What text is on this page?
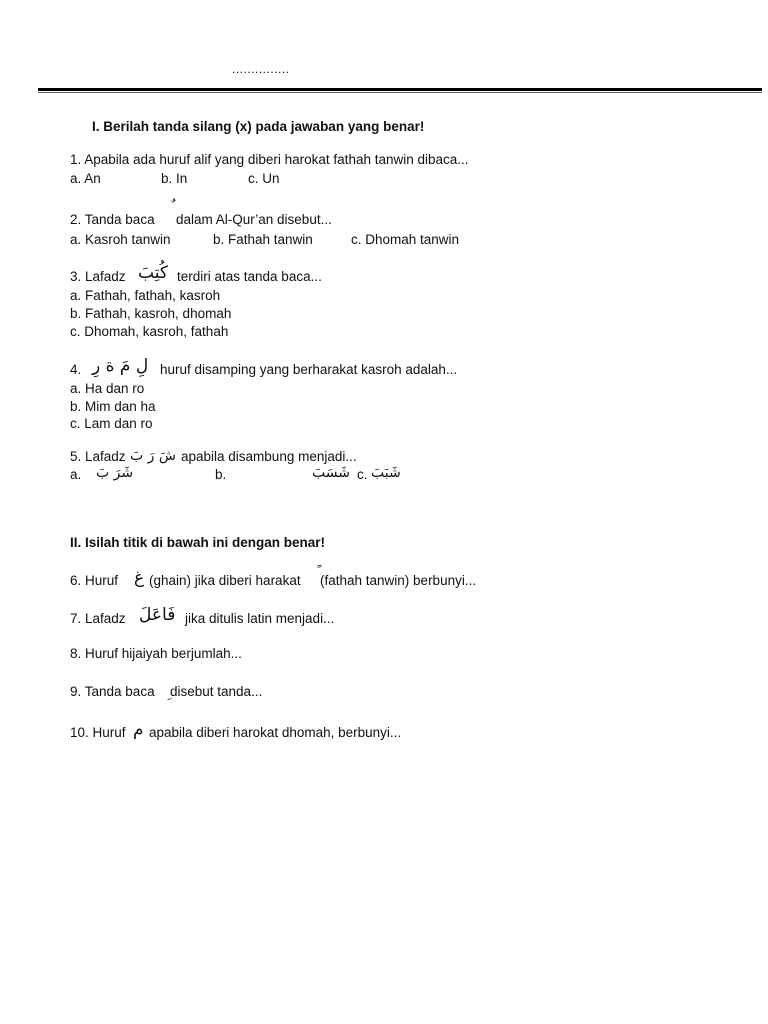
...............
I. Berilah tanda silang (x) pada jawaban yang benar!
1. Apabila ada huruf alif yang diberi harokat fathah tanwin dibaca...
a. An	b. In	c. Un
2. Tanda baca dalam Al-Qur’an disebut...
a. Kasroh tanwin	b. Fathah tanwin	c. Dhomah tanwin
3. Lafadz كُتِبَ terdiri atas tanda baca...
a. Fathah, fathah, kasroh
b. Fathah, kasroh, dhomah
c. Dhomah, kasroh, fathah
4. لِ مَ ة رِ huruf disamping yang berharakat kasroh adalah...
a. Ha dan ro
b. Mim dan ha
c. Lam dan ro
5. Lafadz شَ رَ بَ apabila disambung menjadi...
a. شَرَ بَ	b.	شَسَبَ c. شَبَبَ
II. Isilah titik di bawah ini dengan benar!
6. Huruf غ (ghain) jika diberi harakat (fathah tanwin) berbunyi...
7. Lafadz فَاعَلَ jika ditulis latin menjadi...
8. Huruf hijaiyah berjumlah...
9. Tanda baca disebut tanda...
10. Huruf م apabila diberi harokat dhomah, berbunyi...
